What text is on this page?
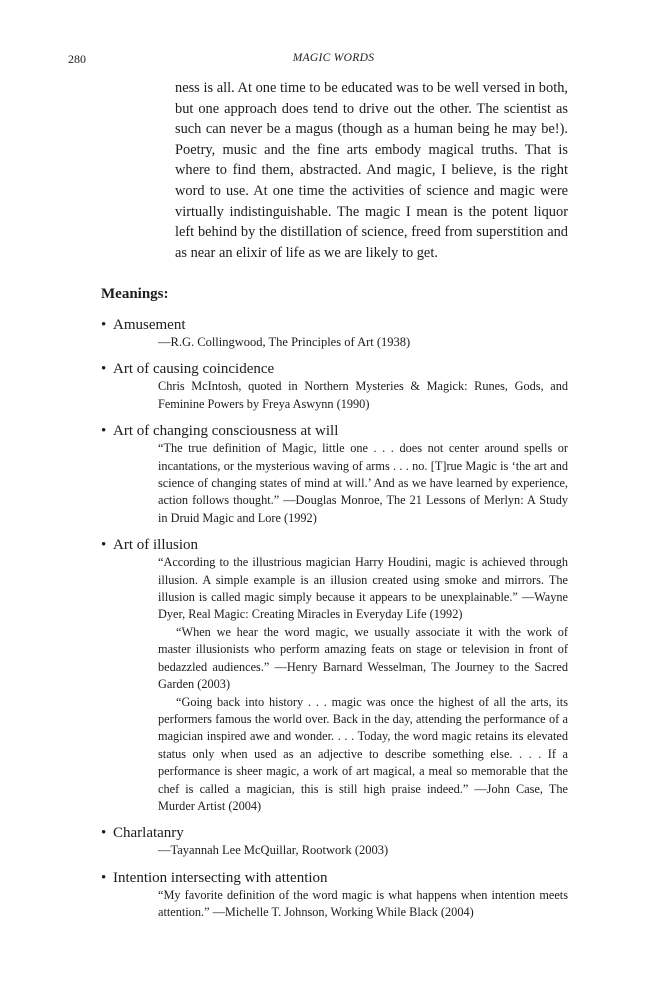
280	MAGIC WORDS

ness is all. At one time to be educated was to be well versed in both, but one approach does tend to drive out the other. The scientist as such can never be a magus (though as a human being he may be!). Poetry, music and the fine arts embody magical truths. That is where to find them, abstracted. And magic, I believe, is the right word to use. At one time the activities of science and magic were virtually indistinguishable. The magic I mean is the potent liquor left behind by the distillation of science, freed from superstition and as near an elixir of life as we are likely to get.

Meanings:
• Amusement

—R.G. Collingwood, The Principles of Art (1938)

• Art of causing coincidence

Chris McIntosh, quoted in Northern Mysteries & Magick: Runes, Gods, and Feminine Powers by Freya Aswynn (1990)

• Art of changing consciousness at will

“The true definition of Magic, little one . . . does not center around spells or incantations, or the mysterious waving of arms . . . no. [T]rue Magic is ‘the art and science of changing states of mind at will.’ And as we have learned by experience, action follows thought.” —Douglas Monroe, The 21 Lessons of Merlyn: A Study in Druid Magic and Lore (1992)

• Art of illusion

“According to the illustrious magician Harry Houdini, magic is achieved through illusion. A simple example is an illusion created using smoke and mirrors. The illusion is called magic simply because it appears to be unexplainable.” —Wayne Dyer, Real Magic: Creating Miracles in Everyday Life (1992)

“When we hear the word magic, we usually associate it with the work of master illusionists who perform amazing feats on stage or television in front of bedazzled audiences.” —Henry Barnard Wesselman, The Journey to the Sacred Garden (2003)

“Going back into history . . . magic was once the highest of all the arts, its performers famous the world over. Back in the day, attending the performance of a magician inspired awe and wonder. . . . Today, the word magic retains its elevated status only when used as an adjective to describe something else. . . . If a performance is sheer magic, a work of art magical, a meal so memorable that the chef is called a magician, this is still high praise indeed.” —John Case, The Murder Artist (2004)

• Charlatanry

—Tayannah Lee McQuillar, Rootwork (2003)

• Intention intersecting with attention

“My favorite definition of the word magic is what happens when intention meets attention.” —Michelle T. Johnson, Working While Black (2004)
